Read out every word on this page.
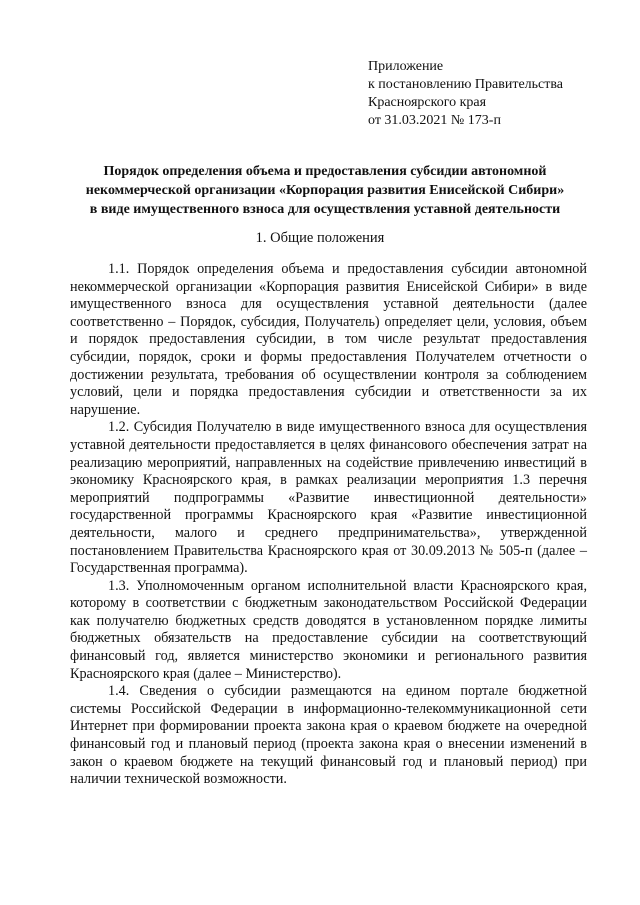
Приложение
к постановлению Правительства
Красноярского края
от 31.03.2021 № 173-п
Порядок определения объема и предоставления субсидии автономной
некоммерческой организации «Корпорация развития Енисейской Сибири»
в виде имущественного взноса для осуществления уставной деятельности
1. Общие положения

1.1. Порядок определения объема и предоставления субсидии автономной некоммерческой организации «Корпорация развития Енисейской Сибири» в виде имущественного взноса для осуществления уставной деятельности (далее соответственно – Порядок, субсидия, Получатель) определяет цели, условия, объем и порядок предоставления субсидии, в том числе результат предоставления субсидии, порядок, сроки и формы предоставления Получателем отчетности о достижении результата, требования об осуществлении контроля за соблюдением условий, цели и порядка предоставления субсидии и ответственности за их нарушение.

1.2. Субсидия Получателю в виде имущественного взноса для осуществления уставной деятельности предоставляется в целях финансового обеспечения затрат на реализацию мероприятий, направленных на содействие привлечению инвестиций в экономику Красноярского края, в рамках реализации мероприятия 1.3 перечня мероприятий подпрограммы «Развитие инвестиционной деятельности» государственной программы Красноярского края «Развитие инвестиционной деятельности, малого и среднего предпринимательства», утвержденной постановлением Правительства Красноярского края от 30.09.2013 № 505-п (далее – Государственная программа).

1.3. Уполномоченным органом исполнительной власти Красноярского края, которому в соответствии с бюджетным законодательством Российской Федерации как получателю бюджетных средств доводятся в установленном порядке лимиты бюджетных обязательств на предоставление субсидии на соответствующий финансовый год, является министерство экономики и регионального развития Красноярского края (далее – Министерство).

1.4. Сведения о субсидии размещаются на едином портале бюджетной системы Российской Федерации в информационно-телекоммуникационной сети Интернет при формировании проекта закона края о краевом бюджете на очередной финансовый год и плановый период (проекта закона края о внесении изменений в закон о краевом бюджете на текущий финансовый год и плановый период) при наличии технической возможности.
